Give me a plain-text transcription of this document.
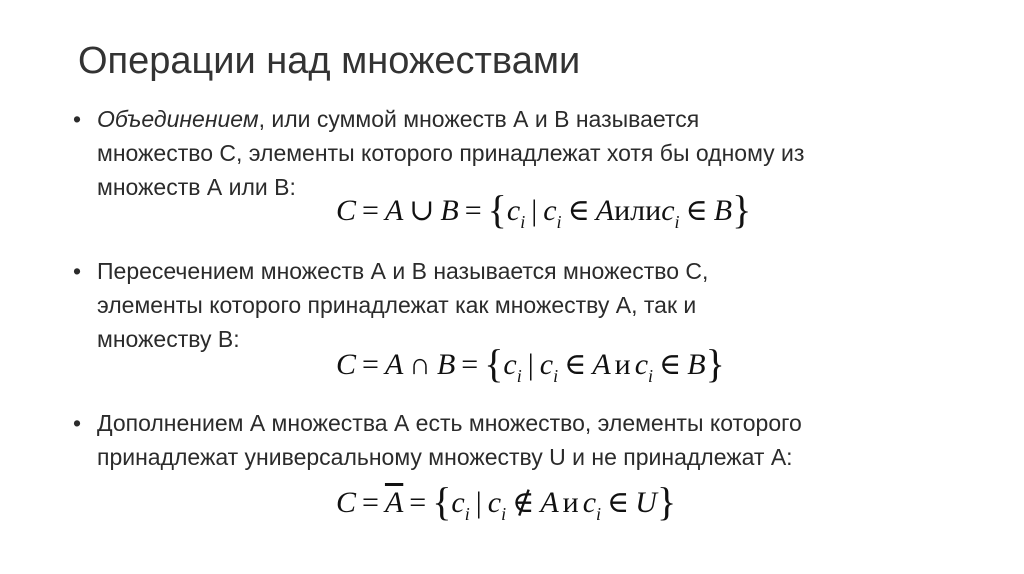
Операции над множествами
• Объединением, или суммой множеств А и В называется
множество С, элементы которого принадлежат хотя бы одному из
множеств А или В:
C = A ∪ $B = \{c_i$ | $c_i$ ∈ Aилиc$_i$ ∈ B}
• Пересечением множеств А и В называется множество С,
элементы которого принадлежат как множеству А, так и
множеству В:
C = A ∩ $B = \{c_i$ | $c_i$ ∈ A и $c_i$ ∈ B}
• Дополнением А множества А есть множество, элементы которого
принадлежат универсальному множеству U и не принадлежат А:
$C = \overline{A} = \{c_i$ | $c_i$ ∉ A и $c_i$ ∈ U}
